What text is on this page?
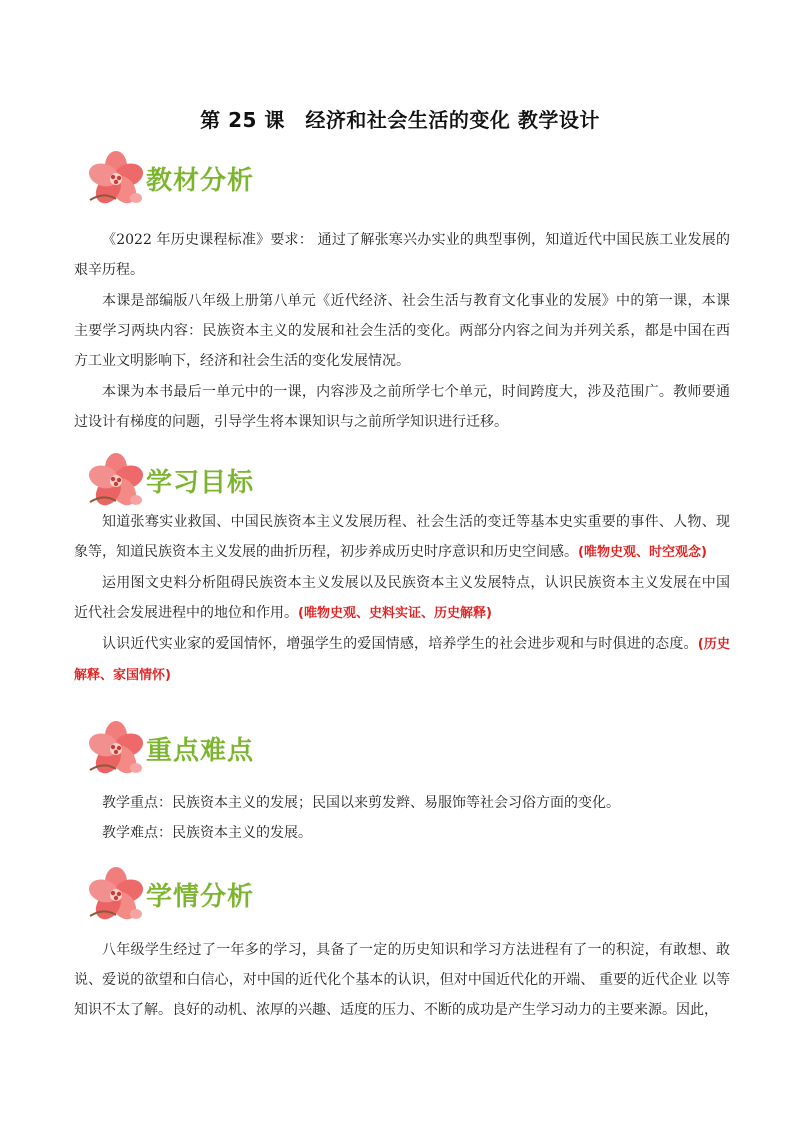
第 25 课　经济和社会生活的变化 教学设计
教材分析
《2022 年历史课程标准》要求： 通过了解张寒兴办实业的典型事例，知道近代中国民族工业发展的艰辛历程。
本课是部编版八年级上册第八单元《近代经济、社会生活与教育文化事业的发展》中的第一课，本课主要学习两块内容：民族资本主义的发展和社会生活的变化。两部分内容之间为并列关系，都是中国在西方工业文明影响下，经济和社会生活的变化发展情况。
本课为本书最后一单元中的一课，内容涉及之前所学七个单元，时间跨度大，涉及范围广。教师要通过设计有梯度的问题，引导学生将本课知识与之前所学知识进行迁移。
学习目标
知道张骞实业救国、中国民族资本主义发展历程、社会生活的变迁等基本史实重要的事件、人物、现象等，知道民族资本主义发展的曲折历程，初步养成历史时序意识和历史空间感。(唯物史观、时空观念)
运用图文史料分析阻碍民族资本主义发展以及民族资本主义发展特点，认识民族资本主义发展在中国近代社会发展进程中的地位和作用。(唯物史观、史料实证、历史解释)
认识近代实业家的爱国情怀，增强学生的爱国情感，培养学生的社会进步观和与时俱进的态度。(历史解释、家国情怀)
重点难点
教学重点：民族资本主义的发展；民国以来剪发辫、易服饰等社会习俗方面的变化。
教学难点：民族资本主义的发展。
学情分析
八年级学生经过了一年多的学习，具备了一定的历史知识和学习方法进程有了一的积淀，有敢想、敢说、爱说的欲望和白信心，对中国的近代化个基本的认识，但对中国近代化的开端、 重要的近代企业 以等知识不太了解。良好的动机、浓厚的兴趣、适度的压力、不断的成功是产生学习动力的主要来源。因此，
